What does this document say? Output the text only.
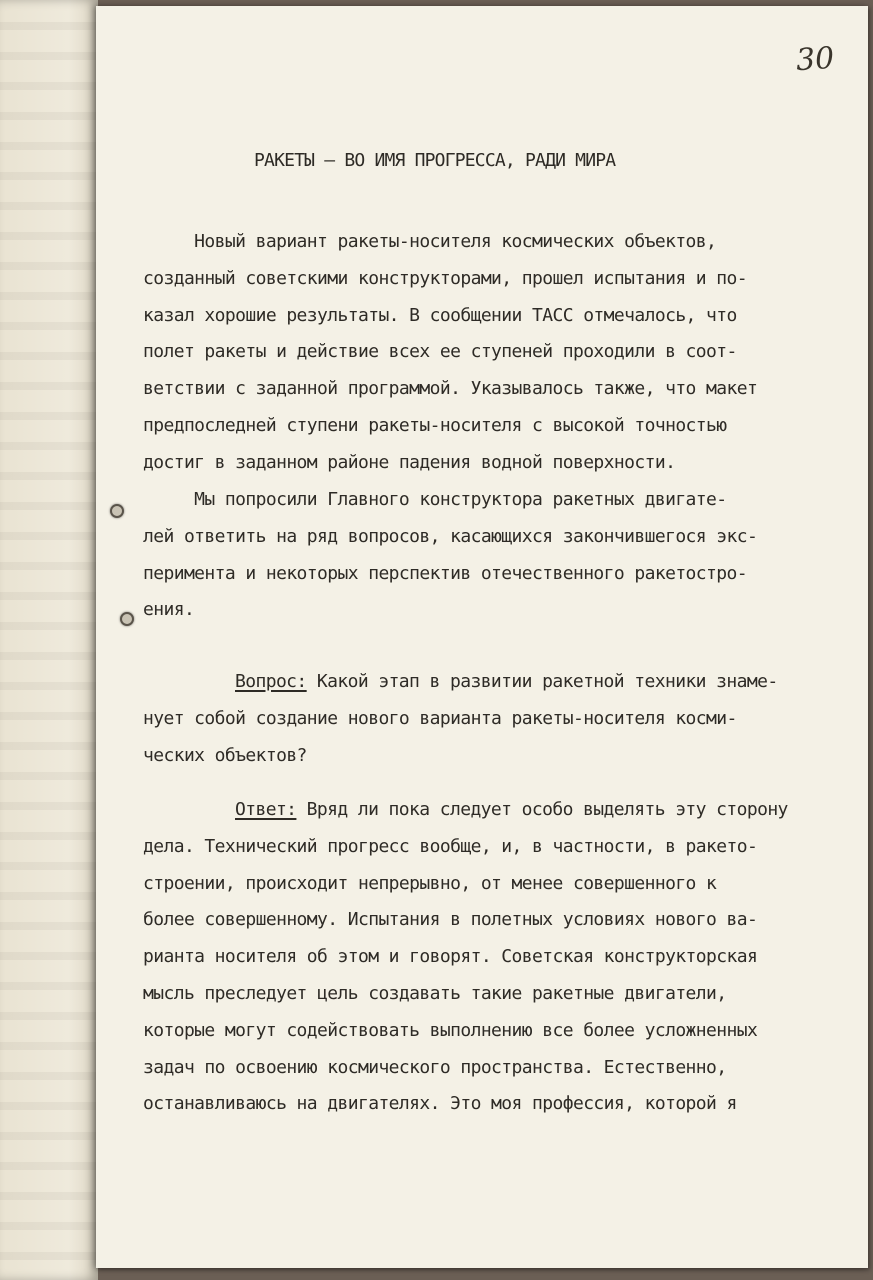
30
РАКЕТЫ – ВО ИМЯ ПРОГРЕССА, РАДИ МИРА
Новый вариант ракеты-носителя космических объектов,
созданный советскими конструкторами, прошел испытания и по-
казал хорошие результаты. В сообщении ТАСС отмечалось, что
полет ракеты и действие всех ее ступеней проходили в соот-
ветствии с заданной программой. Указывалось также, что макет
предпоследней ступени ракеты-носителя с высокой точностью
достиг в заданном районе падения водной поверхности.
Мы попросили Главного конструктора ракетных двигате-
лей ответить на ряд вопросов, касающихся закончившегося экс-
перимента и некоторых перспектив отечественного ракетостро-
ения.
Вопрос: Какой этап в развитии ракетной техники знаме-
нует собой создание нового варианта ракеты-носителя косми-
ческих объектов?
Ответ: Вряд ли пока следует особо выделять эту сторону
дела. Технический прогресс вообще, и, в частности, в ракето-
строении, происходит непрерывно, от менее совершенного к
более совершенному. Испытания в полетных условиях нового ва-
рианта носителя об этом и говорят. Советская конструкторская
мысль преследует цель создавать такие ракетные двигатели,
которые могут содействовать выполнению все более усложненных
задач по освоению космического пространства. Естественно,
останавливаюсь на двигателях. Это моя профессия, которой я
